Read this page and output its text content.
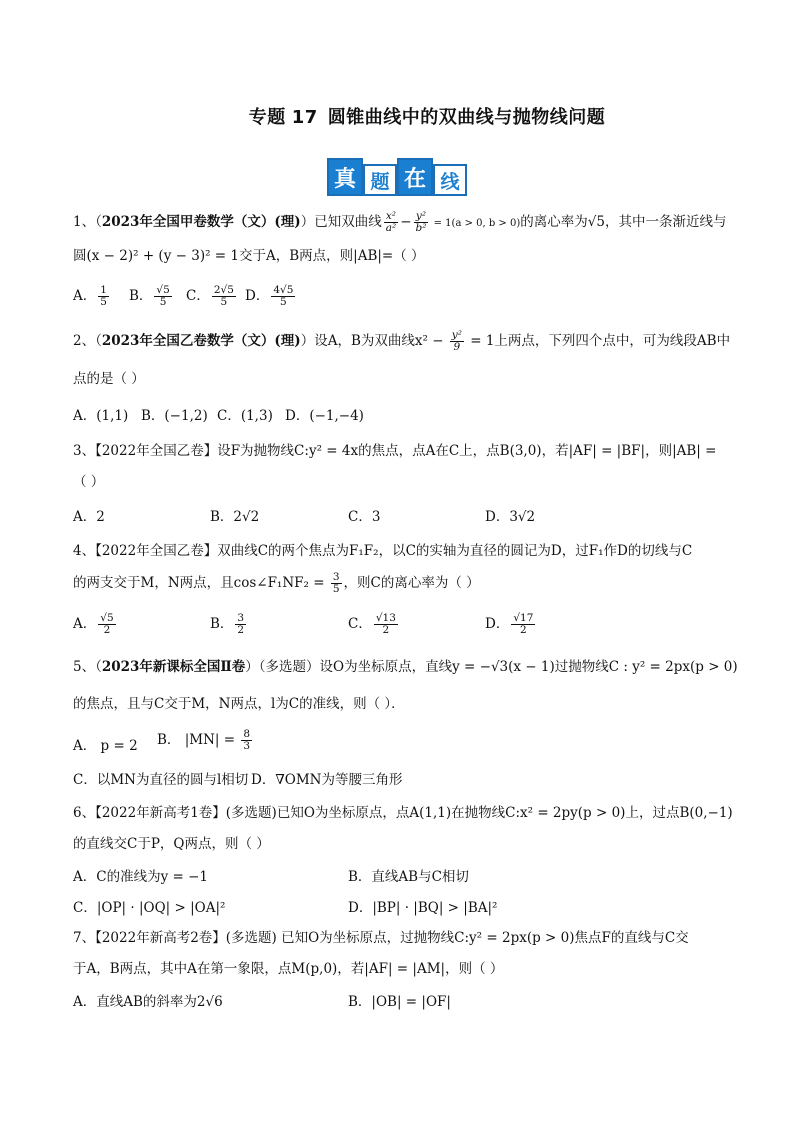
专题 17 圆锥曲线中的双曲线与抛物线问题
真 题 在 线
1、（2023年全国甲卷数学（文）(理)）已知双曲线 $\frac{\text{x²}}{\text{a²}} - \frac{\text{y²}}{\text{b²}} = 1(a > 0$, b > 0)的离心率为√5，其中一条渐近线与
圆(x − 2)² + (y − 3)² = 1交于A，B两点，则|AB|=（ ）
A． $\frac{1}{5}$ B． $\frac{√5}{5}$ C． $\frac{2√5}{5}$ D． $\frac{4√5}{5}$
2、（2023年全国乙卷数学（文）(理)）设A，B为双曲线$x^2 - \frac{\text{y²}}{9} = 1$上两点，下列四个点中，可为线段AB中
点的是（ ）
A．(1,1) B．(−1,2) C．(1,3) D．(−1,−4)
3、【2022年全国乙卷】设F为抛物线C:y² = 4x的焦点，点A在C上，点B(3,0)，若|AF| = |BF|，则|AB| =
（ ）
A．2	B．2√2	C．3	D．3√2
4、【2022年全国乙卷】双曲线C的两个焦点为F₁F₂，以C的实轴为直径的圆记为D，过F₁作D的切线与C
的两支交于M，N两点，且cos∠F₁NF₂ = $\frac{3}{5}$ ，则C的离心率为（ ）
A． $\frac{√5}{2}$	B． $\frac{3}{2}$	C． $\frac{√13}{2}$	D． $\frac{√17}{2}$
5、（2023年新课标全国Ⅱ卷）（多选题）设O为坐标原点，直线y = −√3(x − 1)过抛物线C : y² = 2px(p > 0)
的焦点，且与C交于M，N两点，l为C的准线，则（ ）．
A． p = 2 B． $|MN| = \frac{8}{3}$
C．以MN为直径的圆与l相切 D．∇OMN为等腰三角形
6、【2022年新高考1卷】(多选题)已知O为坐标原点，点A(1,1)在抛物线C:x² = 2py(p > 0)上，过点B(0,−1)
的直线交C于P，Q两点，则（ ）
A．C的准线为y = −1	B．直线AB与C相切
C．|OP| · |OQ| > |OA|²	D．|BP| · |BQ| > |BA|²
7、【2022年新高考2卷】(多选题) 已知O为坐标原点，过抛物线C:y² = 2px(p > 0)焦点F的直线与C交
于A，B两点，其中A在第一象限，点M(p,0)，若|AF| = |AM|，则（ ）
A．直线AB的斜率为2√6	B．|OB| = |OF|
